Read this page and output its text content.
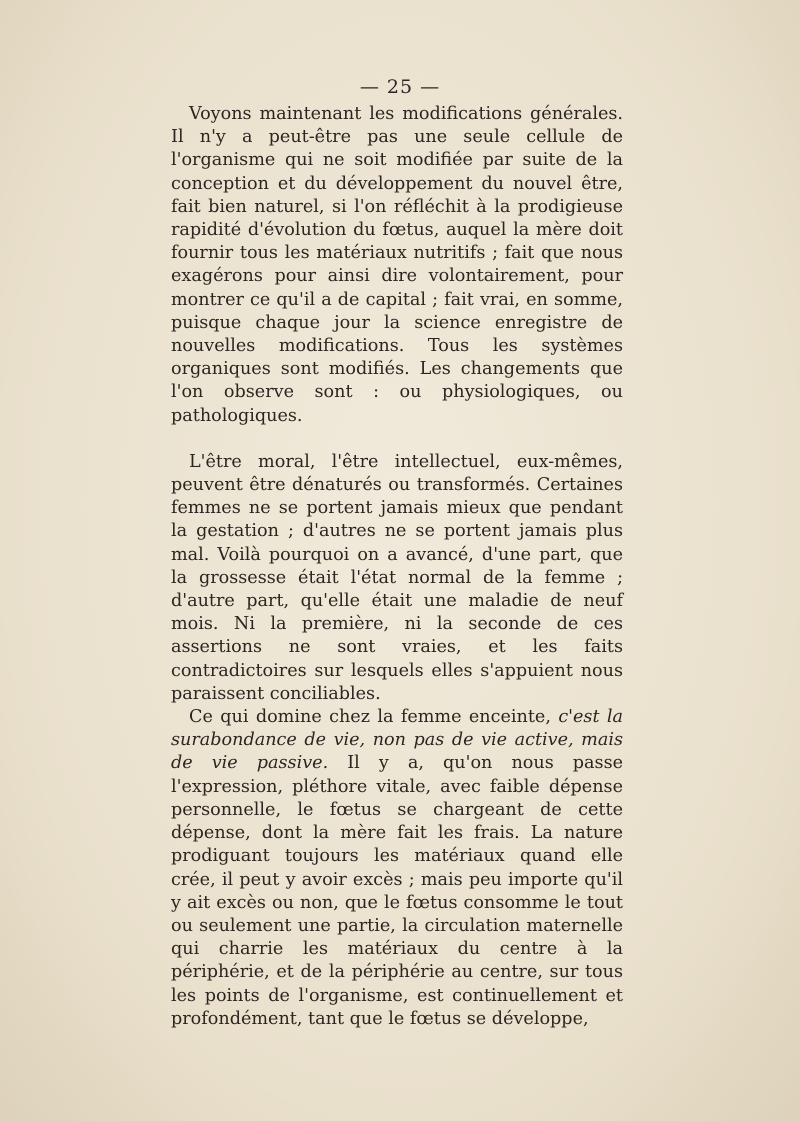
— 25 —

Voyons maintenant les modifications générales. Il n'y a peut-être pas une seule cellule de l'organisme qui ne soit modifiée par suite de la conception et du développement du nouvel être, fait bien naturel, si l'on réfléchit à la prodigieuse rapidité d'évolution du fœtus, auquel la mère doit fournir tous les matériaux nutritifs ; fait que nous exagérons pour ainsi dire volontairement, pour montrer ce qu'il a de capital ; fait vrai, en somme, puisque chaque jour la science enregistre de nouvelles modifications. Tous les systèmes organiques sont modifiés. Les changements que l'on observe sont : ou physiologiques, ou pathologiques.

L'être moral, l'être intellectuel, eux-mêmes, peuvent être dénaturés ou transformés. Certaines femmes ne se portent jamais mieux que pendant la gestation ; d'autres ne se portent jamais plus mal. Voilà pourquoi on a avancé, d'une part, que la grossesse était l'état normal de la femme ; d'autre part, qu'elle était une maladie de neuf mois. Ni la première, ni la seconde de ces assertions ne sont vraies, et les faits contradictoires sur lesquels elles s'appuient nous paraissent conciliables.

Ce qui domine chez la femme enceinte, c'est la surabondance de vie, non pas de vie active, mais de vie passive. Il y a, qu'on nous passe l'expression, pléthore vitale, avec faible dépense personnelle, le fœtus se chargeant de cette dépense, dont la mère fait les frais. La nature prodiguant toujours les matériaux quand elle crée, il peut y avoir excès ; mais peu importe qu'il y ait excès ou non, que le fœtus consomme le tout ou seulement une partie, la circulation maternelle qui charrie les matériaux du centre à la périphérie, et de la périphérie au centre, sur tous les points de l'organisme, est continuellement et profondément, tant que le fœtus se développe,
